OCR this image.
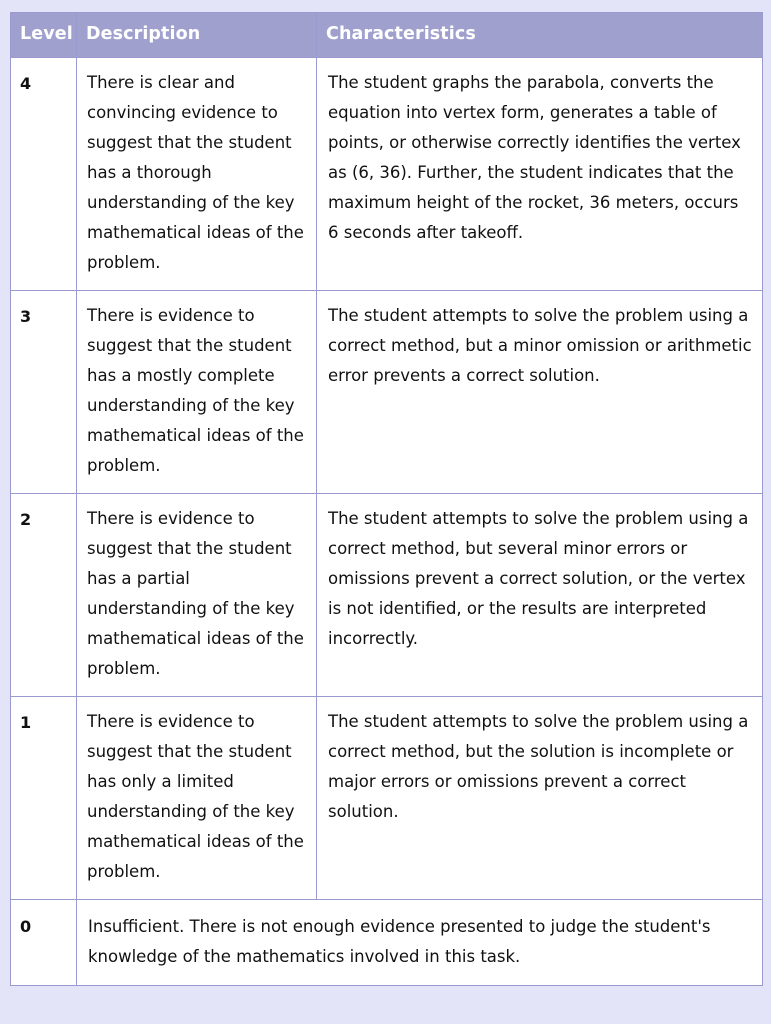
Level	Description	Characteristics
4	There is clear and convincing evidence to suggest that the student has a thorough understanding of the key mathematical ideas of the problem.	The student graphs the parabola, converts the equation into vertex form, generates a table of points, or otherwise correctly identifies the vertex as (6, 36). Further, the student indicates that the maximum height of the rocket, 36 meters, occurs 6 seconds after takeoff.
3	There is evidence to suggest that the student has a mostly complete understanding of the key mathematical ideas of the problem.	The student attempts to solve the problem using a correct method, but a minor omission or arithmetic error prevents a correct solution.
2	There is evidence to suggest that the student has a partial understanding of the key mathematical ideas of the problem.	The student attempts to solve the problem using a correct method, but several minor errors or omissions prevent a correct solution, or the vertex is not identified, or the results are interpreted incorrectly.
1	There is evidence to suggest that the student has only a limited understanding of the key mathematical ideas of the problem.	The student attempts to solve the problem using a correct method, but the solution is incomplete or major errors or omissions prevent a correct solution.
0	Insufficient. There is not enough evidence presented to judge the student's knowledge of the mathematics involved in this task.	
